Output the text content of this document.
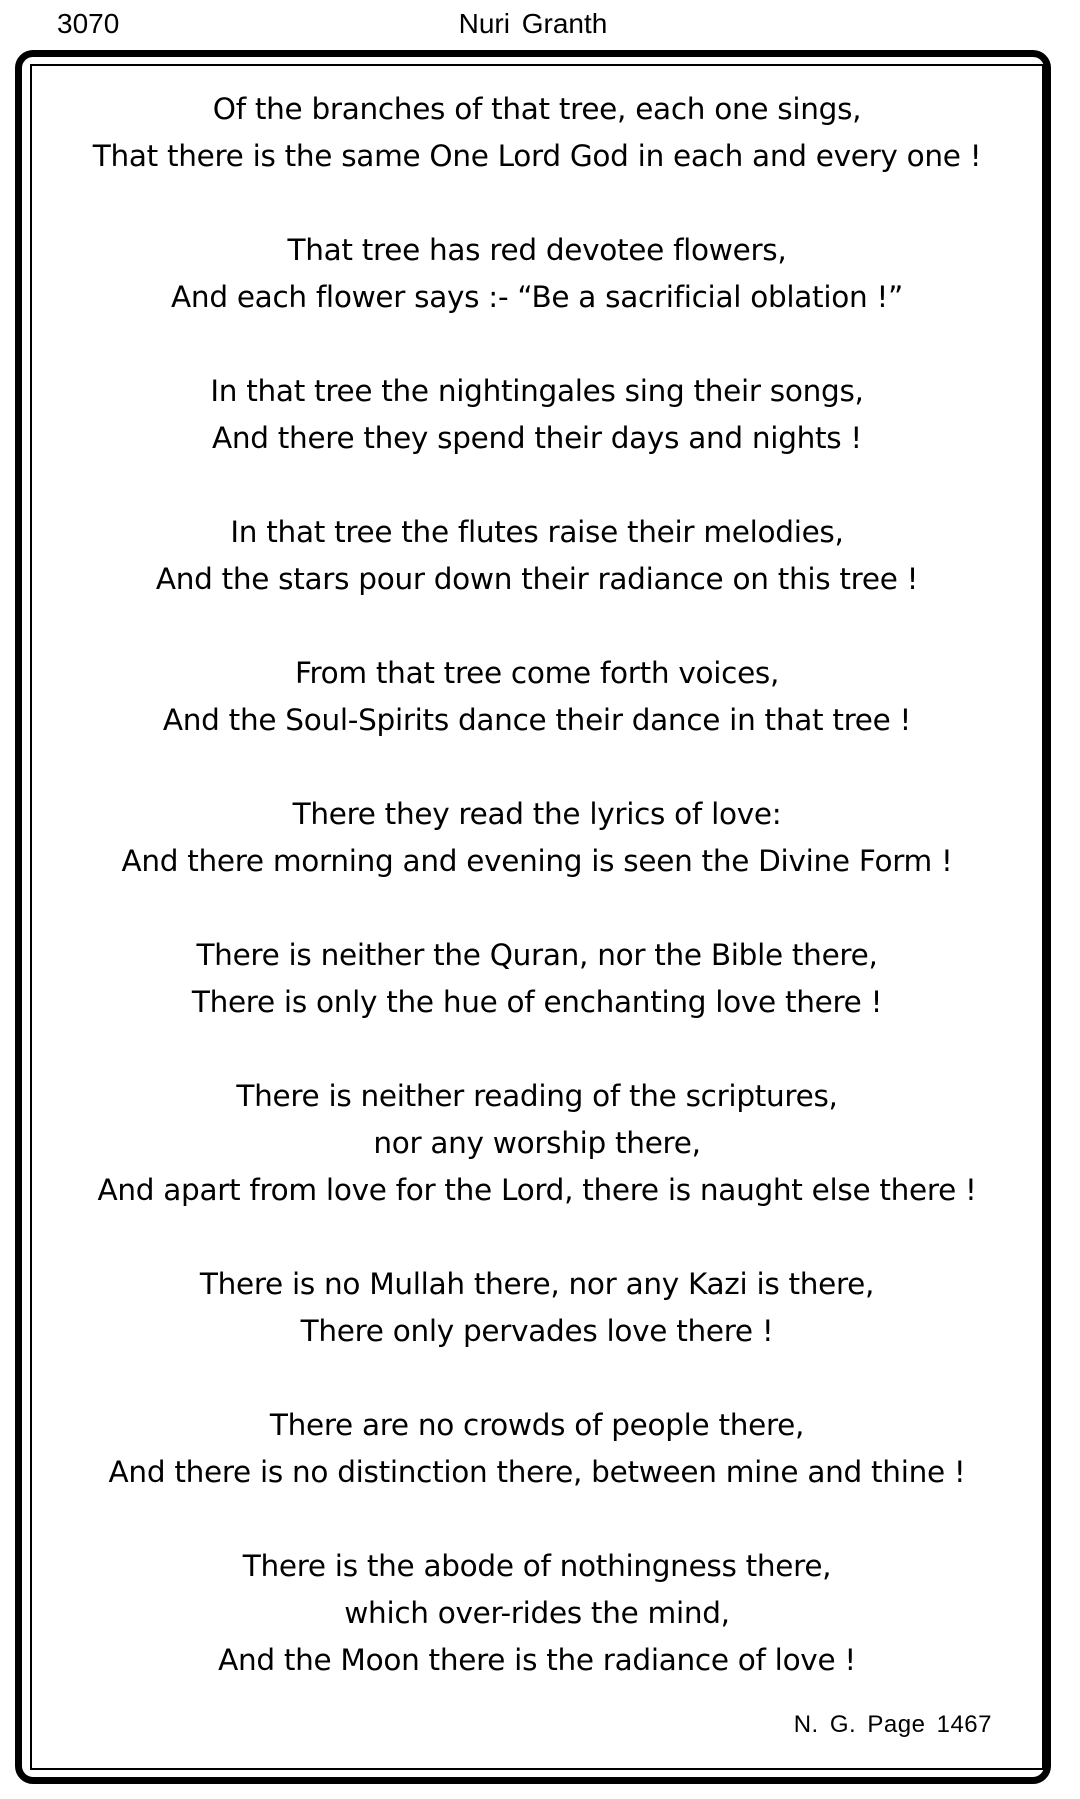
3070	Nuri Granth
Of the branches of that tree, each one sings,
That there is the same One Lord God in each and every one !
That tree has red devotee flowers,
And each flower says :- “Be a sacrificial oblation !”
In that tree the nightingales sing their songs,
And there they spend their days and nights !
In that tree the flutes raise their melodies,
And the stars pour down their radiance on this tree !
From that tree come forth voices,
And the Soul-Spirits dance their dance in that tree !
There they read the lyrics of love:
And there morning and evening is seen the Divine Form !
There is neither the Quran, nor the Bible there,
There is only the hue of enchanting love there !
There is neither reading of the scriptures,
nor any worship there,
And apart from love for the Lord, there is naught else there !
There is no Mullah there, nor any Kazi is there,
There only pervades love there !
There are no crowds of people there,
And there is no distinction there, between mine and thine !
There is the abode of nothingness there,
which over-rides the mind,
And the Moon there is the radiance of love !
N. G. Page 1467
